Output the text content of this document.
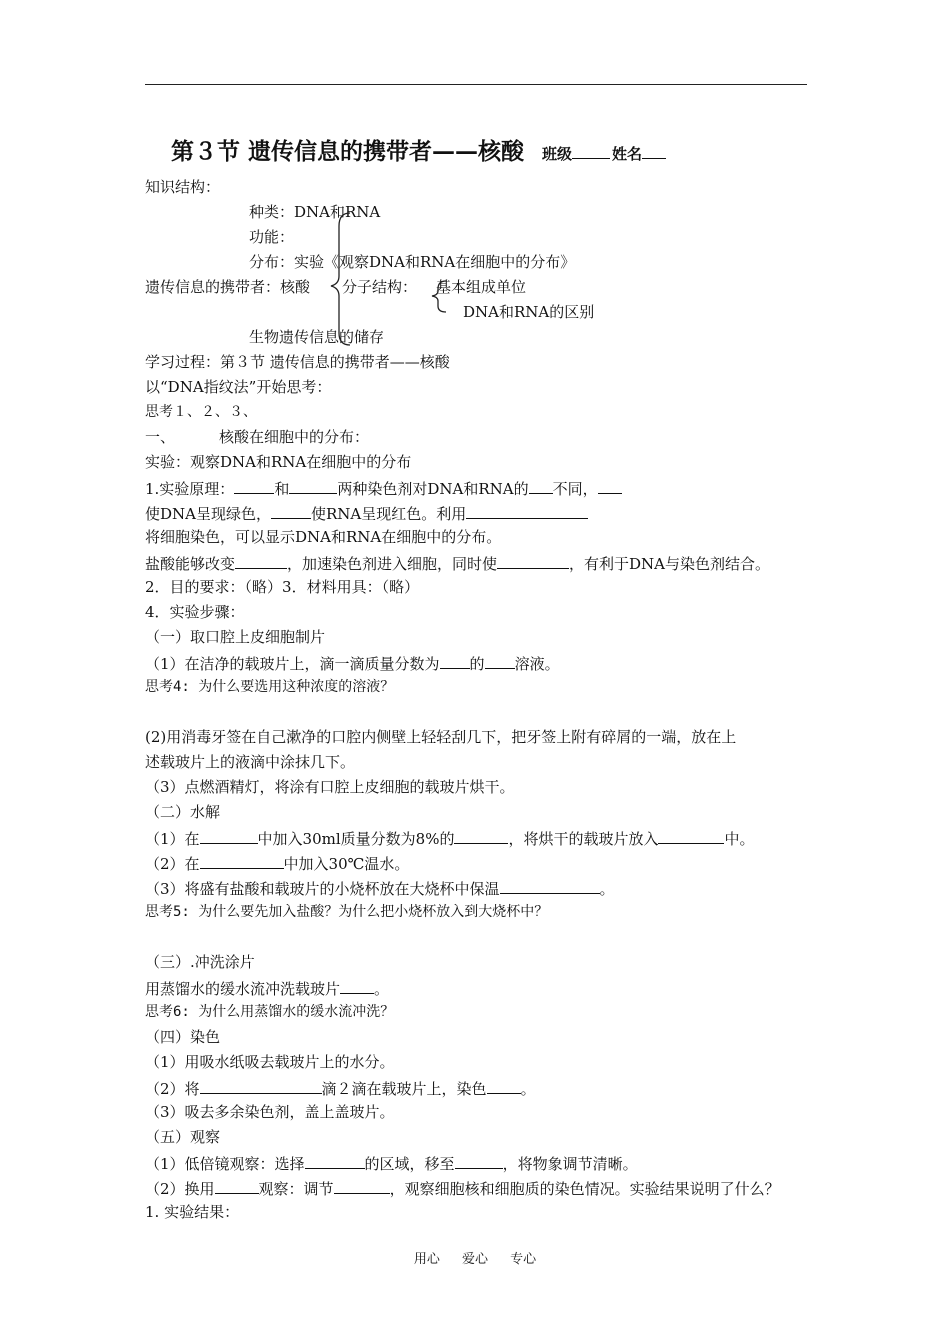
第３节 遗传信息的携带者——核酸 班级	姓名
知识结构：
种类：DNA和RNA
功能：
分布：实验《观察DNA和RNA在细胞中的分布》
遗传信息的携带者：核酸 分子结构： 基本组成单位
DNA和RNA的区别
生物遗传信息的储存
学习过程：第３节 遗传信息的携带者——核酸
以“DNA指纹法”开始思考：
思考１、２、３、
一、	核酸在细胞中的分布：
实验：观察DNA和RNA在细胞中的分布
1.实验原理：	和	两种染色剂对DNA和RNA的 不同，
使DNA呈现绿色，	使RNA呈现红色。利用
将细胞染色，可以显示DNA和RNA在细胞中的分布。
盐酸能够改变	，加速染色剂进入细胞，同时使	，有利于DNA与染色剂结合。
2．目的要求：（略）3．材料用具：（略）
4．实验步骤：
（一）取口腔上皮细胞制片
（1）在洁净的载玻片上，滴一滴质量分数为 的 溶液。
思考4: 为什么要选用这种浓度的溶液？
(2)用消毒牙签在自己漱净的口腔内侧壁上轻轻刮几下，把牙签上附有碎屑的一端，放在上
述载玻片上的液滴中涂抹几下。
（3）点燃酒精灯，将涂有口腔上皮细胞的载玻片烘干。
（二）水解
（1）在	中加入30ml质量分数为8%的	，将烘干的载玻片放入	中。
（2）在	中加入30℃温水。
（3）将盛有盐酸和载玻片的小烧杯放在大烧杯中保温	。
思考5: 为什么要先加入盐酸？为什么把小烧杯放入到大烧杯中？
（三）.冲洗涂片
用蒸馏水的缓水流冲洗载玻片 。
思考6: 为什么用蒸馏水的缓水流冲洗？
（四）染色
（1）用吸水纸吸去载玻片上的水分。
（2）将	滴２滴在载玻片上，染色 。
（3）吸去多余染色剂，盖上盖玻片。
（五）观察
（1）低倍镜观察：选择	的区域，移至	，将物象调节清晰。
（2）换用	观察：调节	，观察细胞核和细胞质的染色情况。实验结果说明了什么？
1. 实验结果：
用心 爱心 专心
